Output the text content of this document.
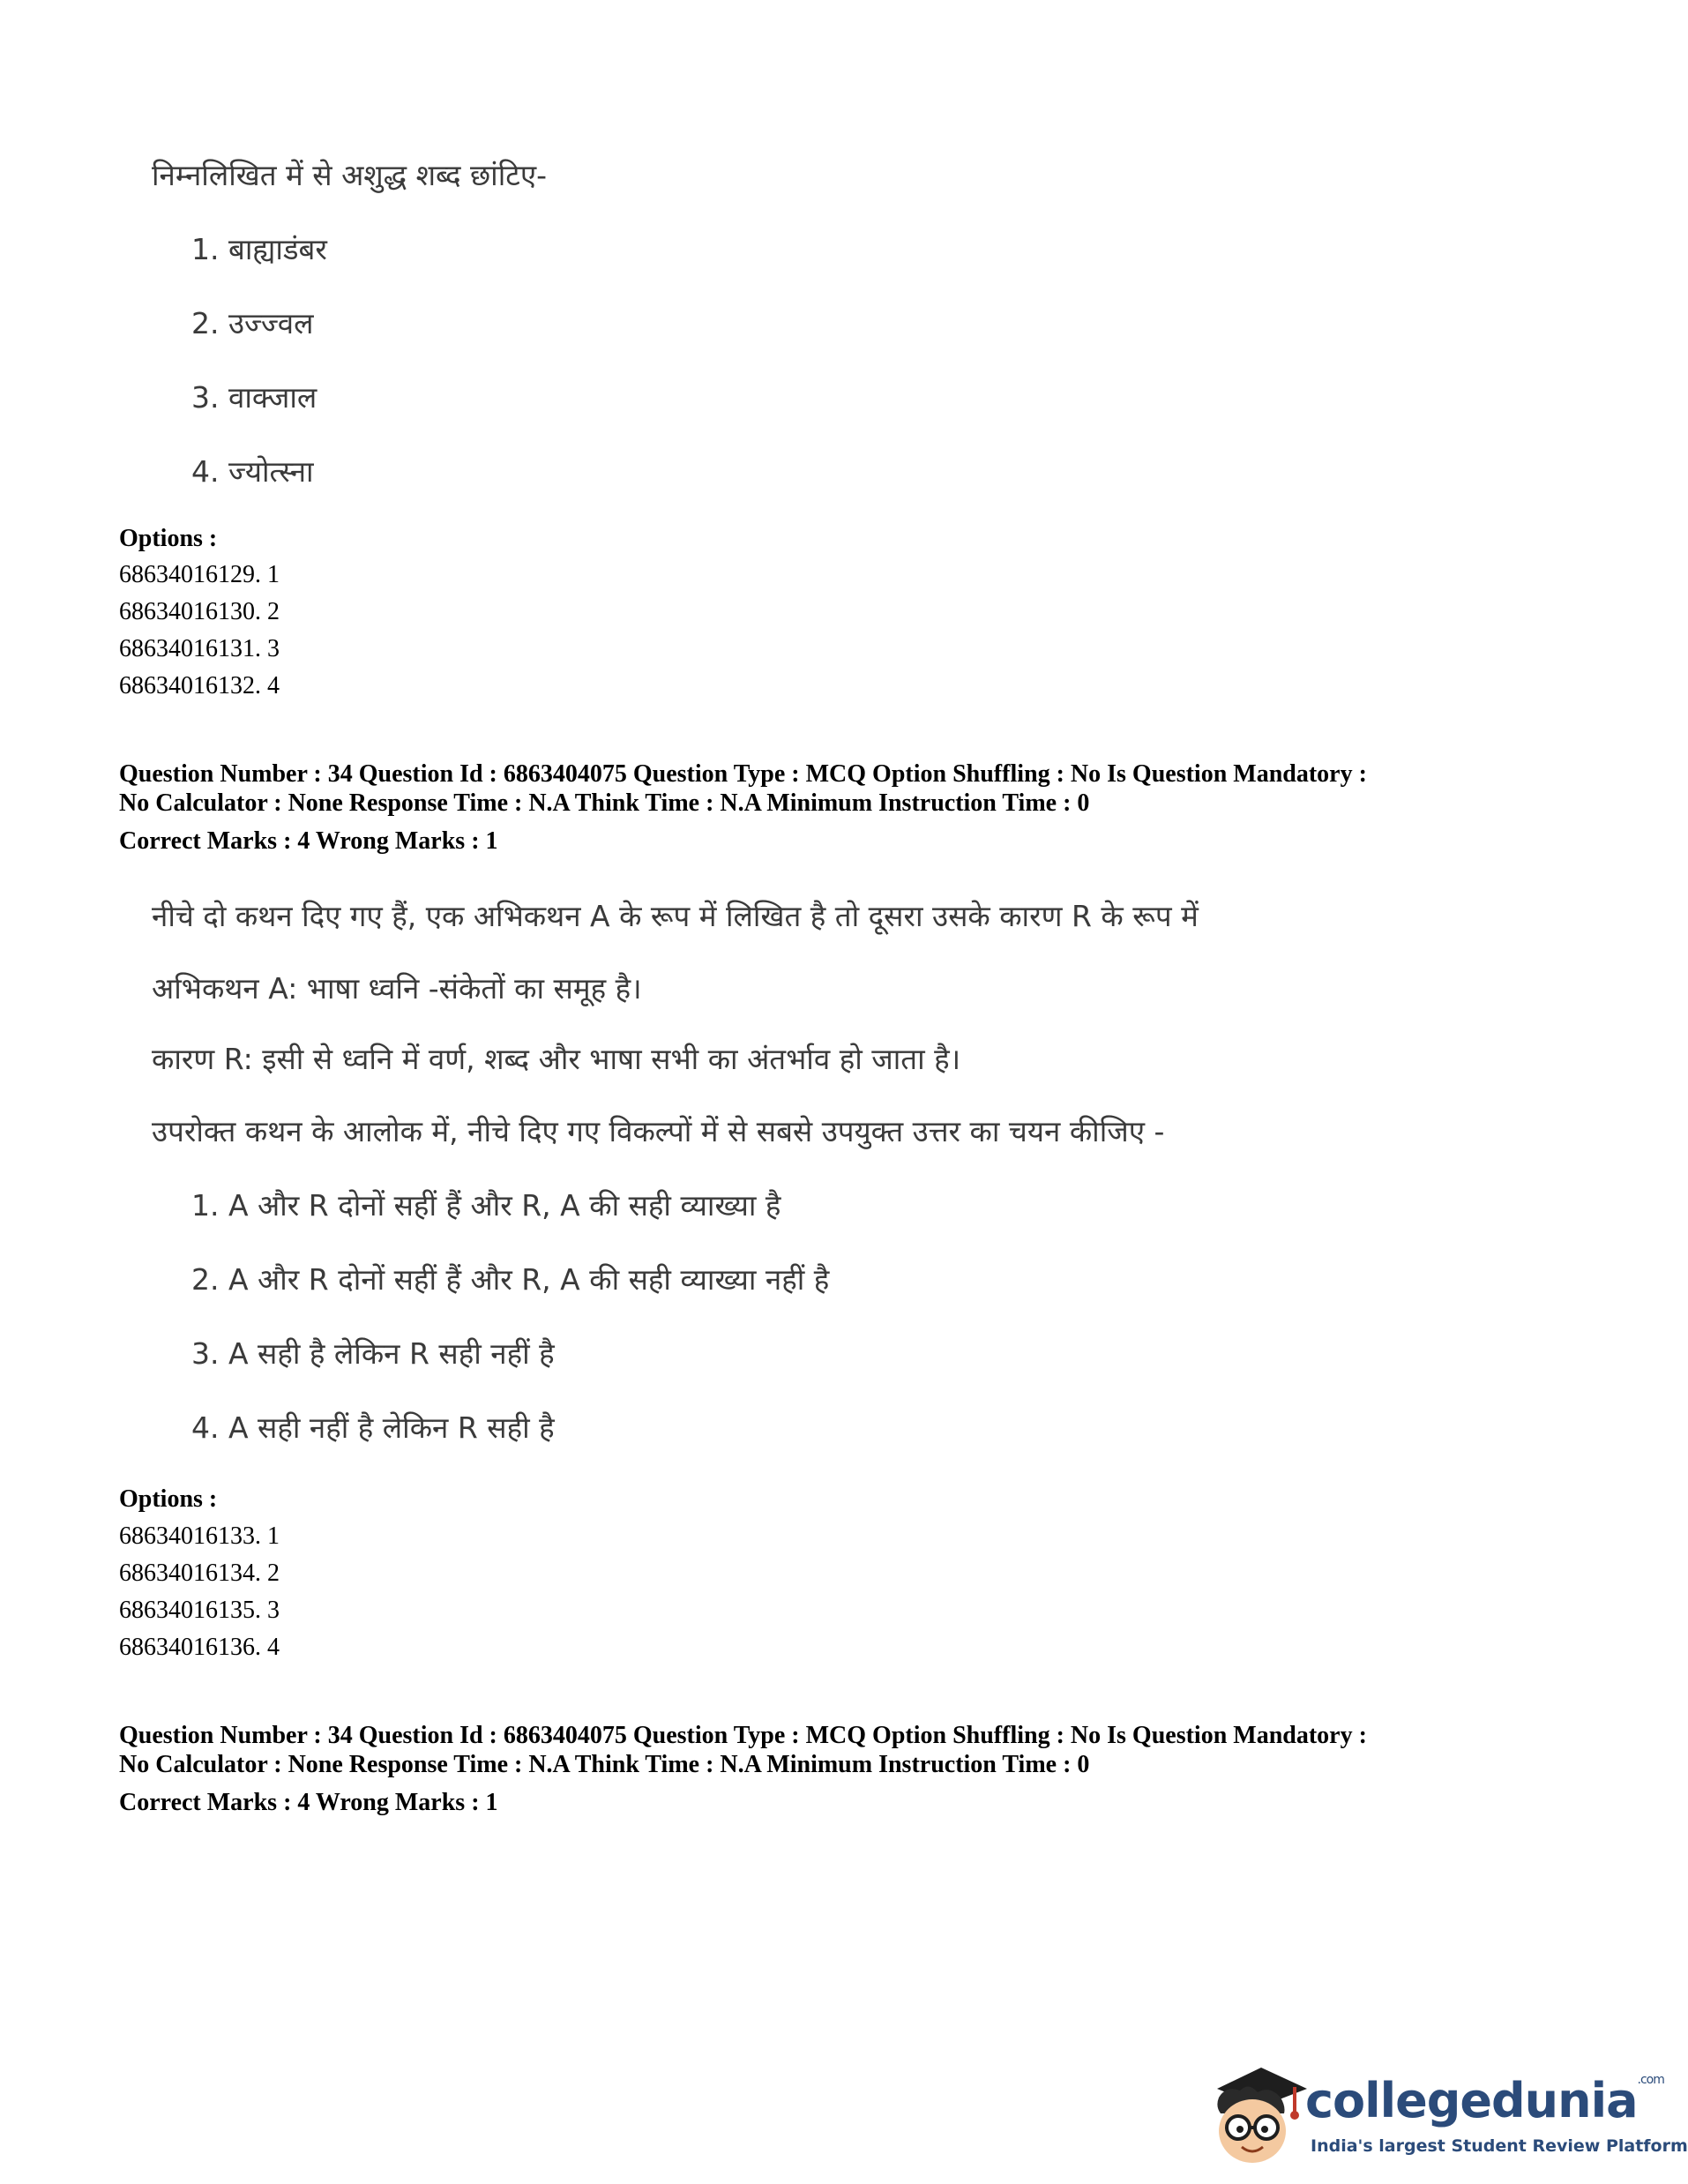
निम्नलिखित में से अशुद्ध शब्द छांटिए-
1. बाह्याडंबर
2. उज्ज्वल
3. वाक्जाल
4. ज्योत्स्ना
Options :
68634016129. 1
68634016130. 2
68634016131. 3
68634016132. 4
Question Number : 34 Question Id : 6863404075 Question Type : MCQ Option Shuffling : No Is Question Mandatory :
No Calculator : None Response Time : N.A Think Time : N.A Minimum Instruction Time : 0
Correct Marks : 4 Wrong Marks : 1
नीचे दो कथन दिए गए हैं, एक अभिकथन A के रूप में लिखित है तो दूसरा उसके कारण R के रूप में
अभिकथन A: भाषा ध्वनि -संकेतों का समूह है।
कारण R: इसी से ध्वनि में वर्ण, शब्द और भाषा सभी का अंतर्भाव हो जाता है।
उपरोक्त कथन के आलोक में, नीचे दिए गए विकल्पों में से सबसे उपयुक्त उत्तर का चयन कीजिए -
1. A और R दोनों सहीं हैं और R, A की सही व्याख्या है
2. A और R दोनों सहीं हैं और R, A की सही व्याख्या नहीं है
3. A सही है लेकिन R सही नहीं है
4. A सही नहीं है लेकिन R सही है
Options :
68634016133. 1
68634016134. 2
68634016135. 3
68634016136. 4
Question Number : 34 Question Id : 6863404075 Question Type : MCQ Option Shuffling : No Is Question Mandatory :
No Calculator : None Response Time : N.A Think Time : N.A Minimum Instruction Time : 0
Correct Marks : 4 Wrong Marks : 1
collegedunia$^{.com}$
India's largest Student Review Platform
